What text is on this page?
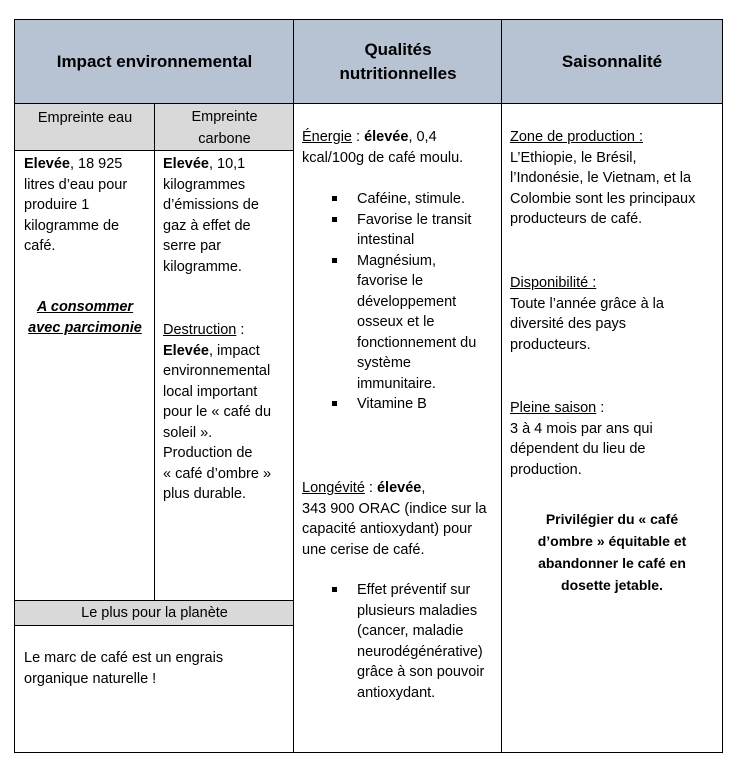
Impact environnemental
Qualités
nutritionnelles
Saisonnalité
Empreinte eau	Empreinte
carbone
Le plus pour la planète
Elevée, 18 925
litres d’eau pour
produire 1
kilogramme de
café.
A consommer
avec parcimonie
Elevée, 10,1
kilogrammes
d’émissions de
gaz à effet de
serre par
kilogramme.
Destruction :
Elevée, impact
environnemental
local important
pour le « café du
soleil ».
Production de
« café d’ombre »
plus durable.
Le marc de café est un engrais
organique naturelle !
Énergie : élevée, 0,4
kcal/100g de café moulu.
Caféine, stimule.
Favorise le transit
intestinal
Magnésium,
favorise le
développement
osseux et le
fonctionnement du
système
immunitaire.
Vitamine B
Longévité : élevée,
343 900 ORAC (indice sur la
capacité antioxydant) pour
une cerise de café.
Effet préventif sur
plusieurs maladies
(cancer, maladie
neurodégénérative)
grâce à son pouvoir
antioxydant.
Zone de production :
L’Ethiopie, le Brésil,
l’Indonésie, le Vietnam, et la
Colombie sont les principaux
producteurs de café.
Disponibilité :
Toute l’année grâce à la
diversité des pays
producteurs.
Pleine saison :
3 à 4 mois par ans qui
dépendent du lieu de
production.
Privilégier du « café
d’ombre » équitable et
abandonner le café en
dosette jetable.
